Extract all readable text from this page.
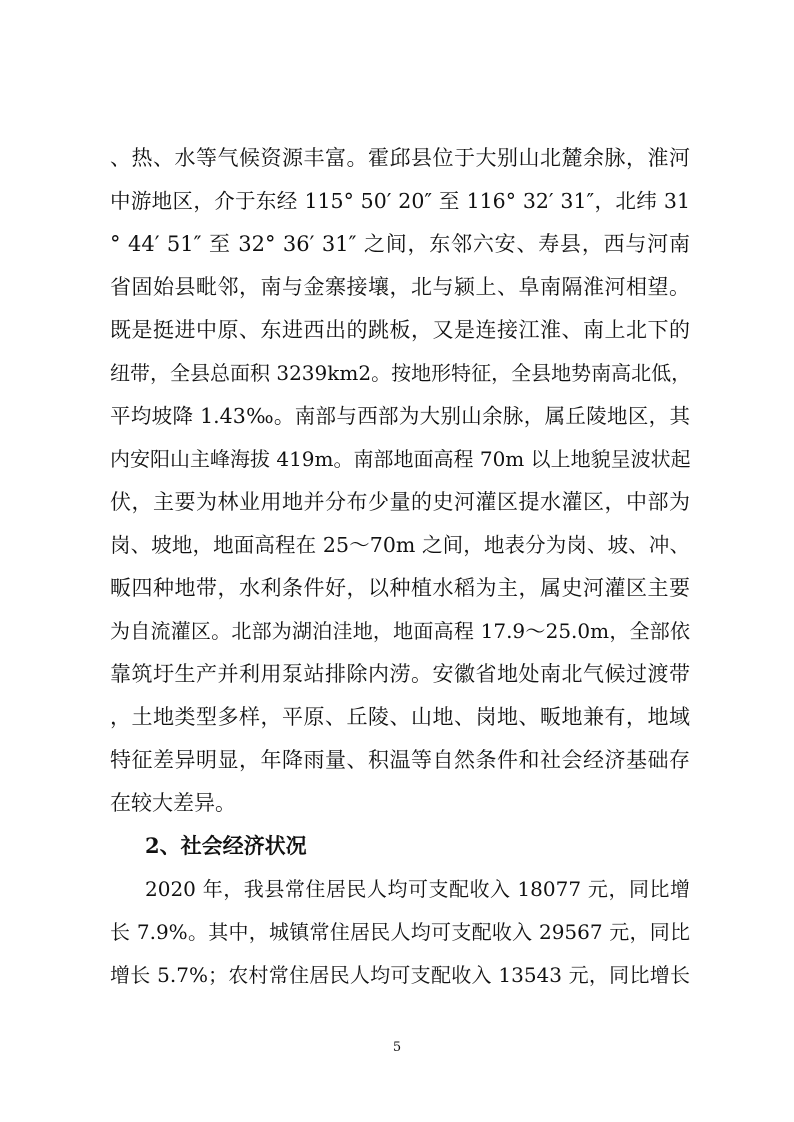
、热、水等气候资源丰富。霍邱县位于大别山北麓余脉，淮河
中游地区，介于东经 115° 50′ 20″ 至 116° 32′ 31″，北纬 31
° 44′ 51″ 至 32° 36′ 31″ 之间，东邻六安、寿县，西与河南
省固始县毗邻，南与金寨接壤，北与颍上、阜南隔淮河相望。
既是挺进中原、东进西出的跳板，又是连接江淮、南上北下的
纽带，全县总面积 3239km2。按地形特征，全县地势南高北低，
平均坡降 1.43‰。南部与西部为大别山余脉，属丘陵地区，其
内安阳山主峰海拔 419m。南部地面高程 70m 以上地貌呈波状起
伏，主要为林业用地并分布少量的史河灌区提水灌区，中部为
岗、坡地，地面高程在 25～70m 之间，地表分为岗、坡、冲、
畈四种地带，水利条件好，以种植水稻为主，属史河灌区主要
为自流灌区。北部为湖泊洼地，地面高程 17.9～25.0m，全部依
靠筑圩生产并利用泵站排除内涝。安徽省地处南北气候过渡带
，土地类型多样，平原、丘陵、山地、岗地、畈地兼有，地域
特征差异明显，年降雨量、积温等自然条件和社会经济基础存
在较大差异。
2、社会经济状况
2020 年，我县常住居民人均可支配收入 18077 元，同比增
长 7.9%。其中，城镇常住居民人均可支配收入 29567 元，同比
增长 5.7%；农村常住居民人均可支配收入 13543 元，同比增长
5
